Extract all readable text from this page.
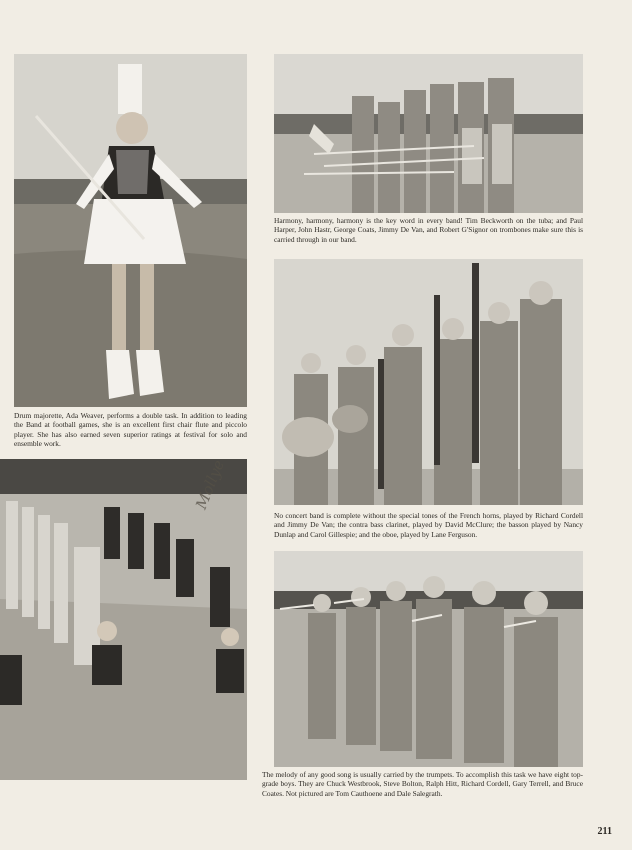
Harmony, harmony, harmony is the key word in every band! Tim Beckworth on the tuba; and Paul Harper, John Hastr, George Coats, Jimmy De Van, and Robert G'Signor on trombones make sure this is carried through in our band.
No concert band is complete without the special tones of the French horns, played by Richard Cordell and Jimmy De Van; the contra bass clarinet, played by David McClure; the basson played by Nancy Dunlap and Carol Gillespie; and the oboe, played by Lane Ferguson.
Drum majorette, Ada Weaver, performs a double task. In addition to leading the Band at football games, she is an excellent first chair flute and piccolo player. She has also earned seven superior ratings at festival for solo and ensemble work.
Mollye
The melody of any good song is usually carried by the trumpets. To accomplish this task we have eight top-grade boys. They are Chuck Westbrook, Steve Bolton, Ralph Hitt, Richard Cordell, Gary Terrell, and Bruce Coates. Not pictured are Tom Cauthoene and Dale Salegrath.
211
